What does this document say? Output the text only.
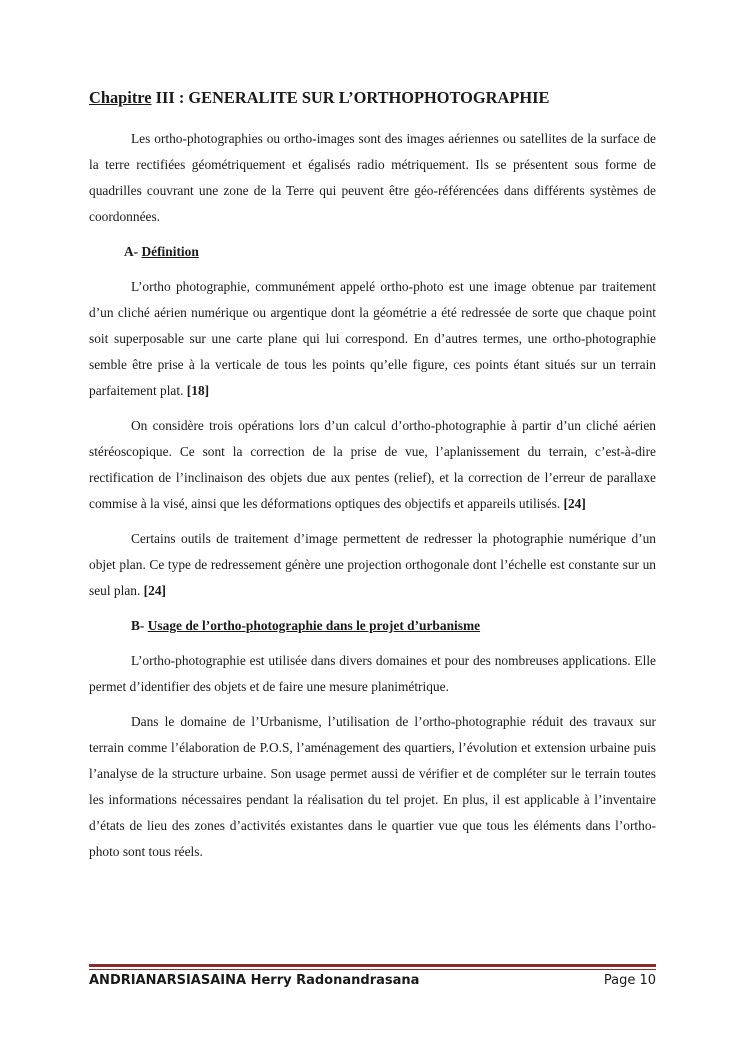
Chapitre III : GENERALITE SUR L’ORTHOPHOTOGRAPHIE

Les ortho-photographies ou ortho-images sont des images aériennes ou satellites de la surface de la terre rectifiées géométriquement et égalisés radio métriquement. Ils se présentent sous forme de quadrilles couvrant une zone de la Terre qui peuvent être géo-référencées dans différents systèmes de coordonnées.

A- Définition

L’ortho photographie, communément appelé ortho-photo est une image obtenue par traitement d’un cliché aérien numérique ou argentique dont la géométrie a été redressée de sorte que chaque point soit superposable sur une carte plane qui lui correspond. En d’autres termes, une ortho-photographie semble être prise à la verticale de tous les points qu’elle figure, ces points étant situés sur un terrain parfaitement plat. [18]

On considère trois opérations lors d’un calcul d’ortho-photographie à partir d’un cliché aérien stéréoscopique. Ce sont la correction de la prise de vue, l’aplanissement du terrain, c’est-à-dire rectification de l’inclinaison des objets due aux pentes (relief), et la correction de l’erreur de parallaxe commise à la visé, ainsi que les déformations optiques des objectifs et appareils utilisés. [24]

Certains outils de traitement d’image permettent de redresser la photographie numérique d’un objet plan. Ce type de redressement génère une projection orthogonale dont l’échelle est constante sur un seul plan. [24]

B- Usage de l’ortho-photographie dans le projet d’urbanisme

L’ortho-photographie est utilisée dans divers domaines et pour des nombreuses applications. Elle permet d’identifier des objets et de faire une mesure planimétrique.

Dans le domaine de l’Urbanisme, l’utilisation de l’ortho-photographie réduit des travaux sur terrain comme l’élaboration de P.O.S, l’aménagement des quartiers, l’évolution et extension urbaine puis l’analyse de la structure urbaine. Son usage permet aussi de vérifier et de compléter sur le terrain toutes les informations nécessaires pendant la réalisation du tel projet. En plus, il est applicable à l’inventaire d’états de lieu des zones d’activités existantes dans le quartier vue que tous les éléments dans l’ortho-photo sont tous réels.

ANDRIANARSIASAINA Herry Radonandrasana	Page 10
